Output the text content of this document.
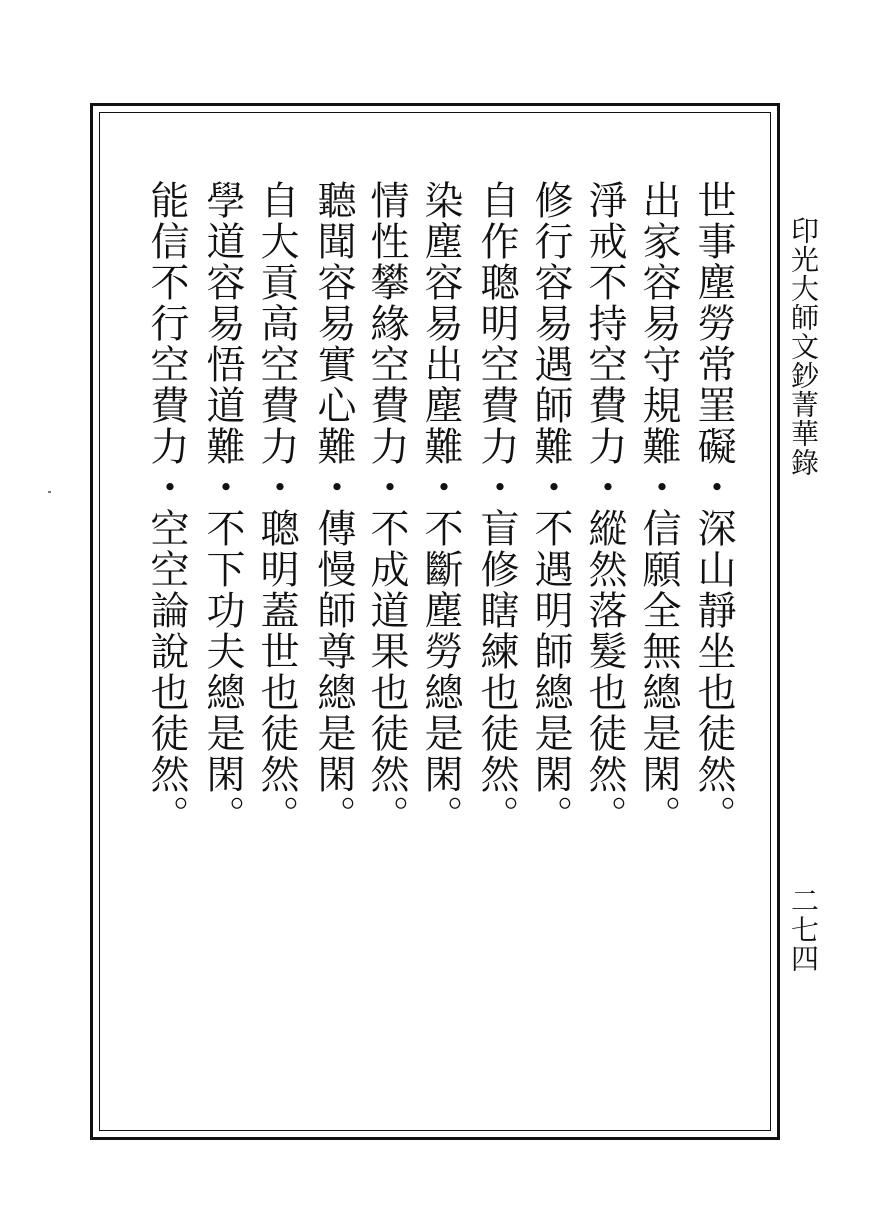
世事塵勞常罣礙・深山靜坐也徒然。
出家容易守規難・信願全無總是閑。
淨戒不持空費力・縱然落髮也徒然。
修行容易遇師難・不遇明師總是閑。
自作聰明空費力・盲修瞎練也徒然。
染塵容易出塵難・不斷塵勞總是閑。
情性攀緣空費力・不成道果也徒然。
聽聞容易實心難・傳慢師尊總是閑。
自大貢高空費力・聰明蓋世也徒然。
學道容易悟道難・不下功夫總是閑。
能信不行空費力・空空論說也徒然。	印光大師文鈔菁華錄
二七四
